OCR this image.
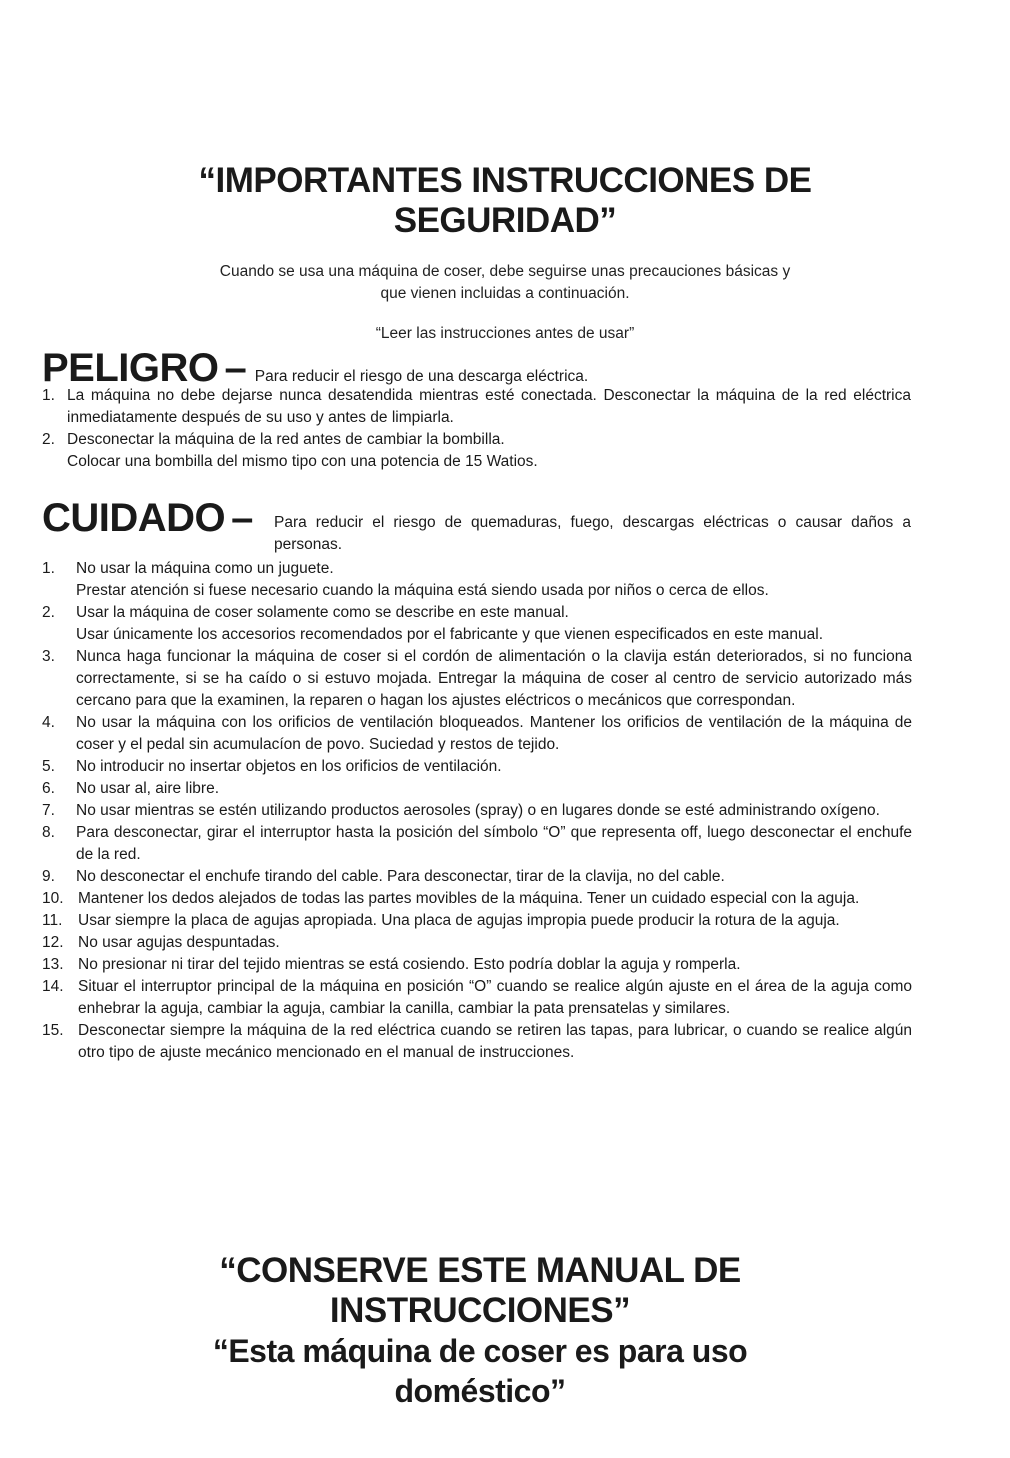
“IMPORTANTES INSTRUCCIONES DE
SEGURIDAD”
Cuando se usa una máquina de coser, debe seguirse unas precauciones básicas y
que vienen incluidas a continuación.
“Leer las instrucciones antes de usar”
PELIGRO – Para reducir el riesgo de una descarga eléctrica.
1. La máquina no debe dejarse nunca desatendida mientras esté conectada. Desconectar la máquina de la red eléctrica inmediatamente después de su uso y antes de limpiarla.
2. Desconectar la máquina de la red antes de cambiar la bombilla.
Colocar una bombilla del mismo tipo con una potencia de 15 Watios.
CUIDADO –	Para reducir el riesgo de quemaduras, fuego, descargas eléctricas o causar daños a personas.
1. No usar la máquina como un juguete.
Prestar atención si fuese necesario cuando la máquina está siendo usada por niños o cerca de ellos.
2. Usar la máquina de coser solamente como se describe en este manual.
Usar únicamente los accesorios recomendados por el fabricante y que vienen especificados en este manual.
3. Nunca haga funcionar la máquina de coser si el cordón de alimentación o la clavija están deteriorados, si no funciona correctamente, si se ha caído o si estuvo mojada. Entregar la máquina de coser al centro de servicio autorizado más cercano para que la examinen, la reparen o hagan los ajustes eléctricos o mecánicos que correspondan.
4. No usar la máquina con los orificios de ventilación bloqueados. Mantener los orificios de ventilación de la máquina de coser y el pedal sin acumulacíon de povo. Suciedad y restos de tejido.
5. No introducir no insertar objetos en los orificios de ventilación.
6. No usar al, aire libre.
7. No usar mientras se estén utilizando productos aerosoles (spray) o en lugares donde se esté administrando oxígeno.
8. Para desconectar, girar el interruptor hasta la posición del símbolo “O” que representa off, luego desconectar el enchufe de la red.
9. No desconectar el enchufe tirando del cable. Para desconectar, tirar de la clavija, no del cable.
10. Mantener los dedos alejados de todas las partes movibles de la máquina. Tener un cuidado especial con la aguja.
11. Usar siempre la placa de agujas apropiada. Una placa de agujas impropia puede producir la rotura de la aguja.
12. No usar agujas despuntadas.
13. No presionar ni tirar del tejido mientras se está cosiendo. Esto podría doblar la aguja y romperla.
14. Situar el interruptor principal de la máquina en posición “O” cuando se realice algún ajuste en el área de la aguja como enhebrar la aguja, cambiar la aguja, cambiar la canilla, cambiar la pata prensatelas y similares.
15. Desconectar siempre la máquina de la red eléctrica cuando se retiren las tapas, para lubricar, o cuando se realice algún otro tipo de ajuste mecánico mencionado en el manual de instrucciones.
“CONSERVE ESTE MANUAL DE
INSTRUCCIONES”
“Esta máquina de coser es para uso
doméstico”
